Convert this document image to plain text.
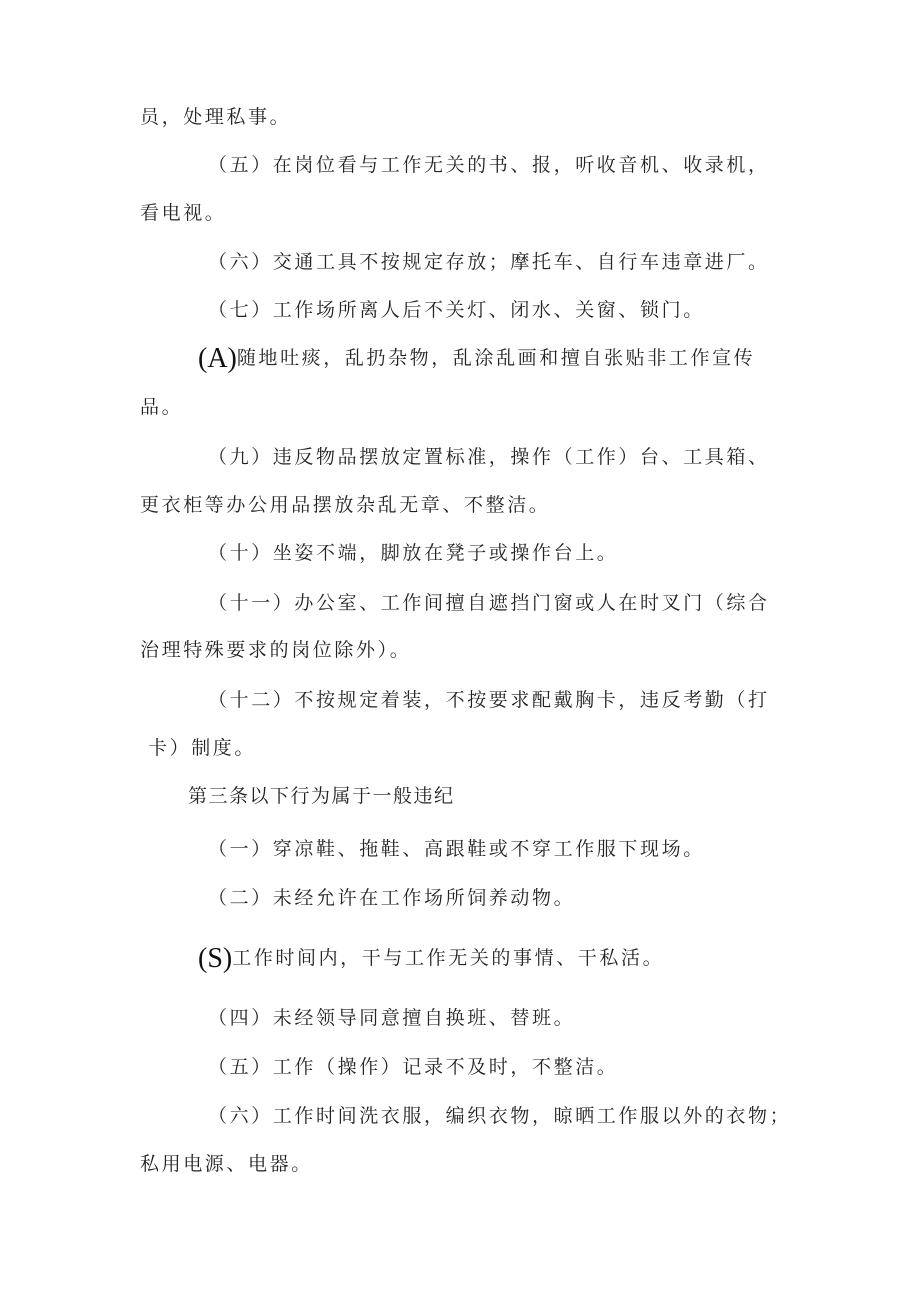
员，处理私事。
（五）在岗位看与工作无关的书、报，听收音机、收录机，
看电视。
（六）交通工具不按规定存放；摩托车、自行车违章进厂。
（七）工作场所离人后不关灯、闭水、关窗、锁门。
(A)随地吐痰，乱扔杂物，乱涂乱画和擅自张贴非工作宣传
品。
（九）违反物品摆放定置标准，操作（工作）台、工具箱、
更衣柜等办公用品摆放杂乱无章、不整洁。
（十）坐姿不端，脚放在凳子或操作台上。
（十一）办公室、工作间擅自遮挡门窗或人在时叉门（综合
治理特殊要求的岗位除外）。
（十二）不按规定着装，不按要求配戴胸卡，违反考勤（打
卡）制度。
第三条以下行为属于一般违纪
（一）穿凉鞋、拖鞋、高跟鞋或不穿工作服下现场。
（二）未经允许在工作场所饲养动物。
(S)工作时间内，干与工作无关的事情、干私活。
（四）未经领导同意擅自换班、替班。
（五）工作（操作）记录不及时，不整洁。
（六）工作时间洗衣服，编织衣物，晾晒工作服以外的衣物；
私用电源、电器。
